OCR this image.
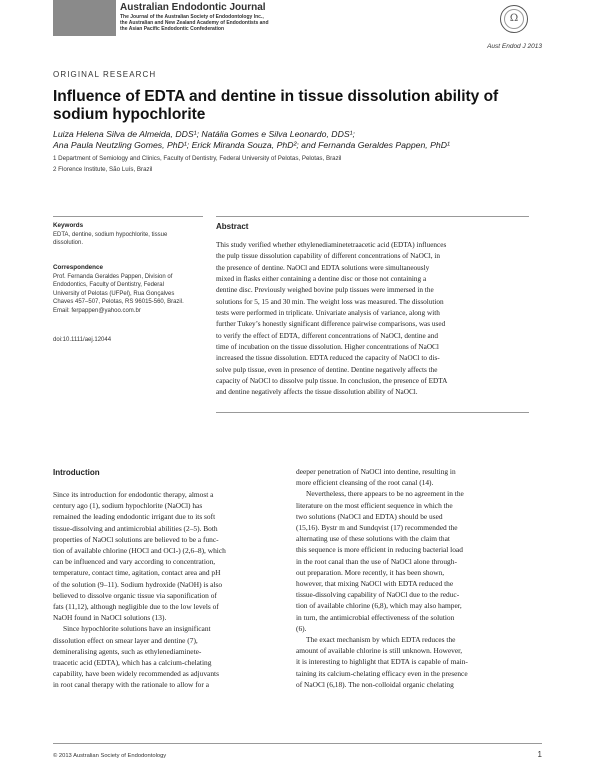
Australian Endodontic Journal
The Journal of the Australian Society of Endodontology Inc.,
the Australian and New Zealand Academy of Endodontists and
the Asian Pacific Endodontic Confederation
Ω
Aust Endod J 2013
ORIGINAL RESEARCH
Influence of EDTA and dentine in tissue dissolution ability of
sodium hypochlorite
Luiza Helena Silva de Almeida, DDS¹; Natália Gomes e Silva Leonardo, DDS¹;
Ana Paula Neutzling Gomes, PhD¹; Erick Miranda Souza, PhD²; and Fernanda Geraldes Pappen, PhD¹
1 Department of Semiology and Clinics, Faculty of Dentistry, Federal University of Pelotas, Pelotas, Brazil
2 Florence Institute, São Luís, Brazil
Keywords
EDTA, dentine, sodium hypochlorite, tissue
dissolution.
Correspondence
Prof. Fernanda Geraldes Pappen, Division of
Endodontics, Faculty of Dentistry, Federal
University of Pelotas (UFPel), Rua Gonçalves
Chaves 457–507, Pelotas, RS 96015-560, Brazil.
Email: ferpappen@yahoo.com.br
doi:10.1111/aej.12044
Abstract
This study verified whether ethylenediaminetetraacetic acid (EDTA) influences
the pulp tissue dissolution capability of different concentrations of NaOCl, in
the presence of dentine. NaOCl and EDTA solutions were simultaneously
mixed in flasks either containing a dentine disc or those not containing a
dentine disc. Previously weighed bovine pulp tissues were immersed in the
solutions for 5, 15 and 30 min. The weight loss was measured. The dissolution
tests were performed in triplicate. Univariate analysis of variance, along with
further Tukey’s honestly significant difference pairwise comparisons, was used
to verify the effect of EDTA, different concentrations of NaOCl, dentine and
time of incubation on the tissue dissolution. Higher concentrations of NaOCl
increased the tissue dissolution. EDTA reduced the capacity of NaOCl to dis-
solve pulp tissue, even in presence of dentine. Dentine negatively affects the
capacity of NaOCl to dissolve pulp tissue. In conclusion, the presence of EDTA
and dentine negatively affects the tissue dissolution ability of NaOCl.
Introduction
Since its introduction for endodontic therapy, almost a
century ago (1), sodium hypochlorite (NaOCl) has
remained the leading endodontic irrigant due to its soft
tissue-dissolving and antimicrobial abilities (2–5). Both
properties of NaOCl solutions are believed to be a func-
tion of available chlorine (HOCl and OCl-) (2,6–8), which
can be influenced and vary according to concentration,
temperature, contact time, agitation, contact area and pH
of the solution (9–11). Sodium hydroxide (NaOH) is also
believed to dissolve organic tissue via saponification of
fats (11,12), although negligible due to the low levels of
NaOH found in NaOCl solutions (13).
Since hypochlorite solutions have an insignificant
dissolution effect on smear layer and dentine (7),
demineralising agents, such as ethylenediaminete-
traacetic acid (EDTA), which has a calcium-chelating
capability, have been widely recommended as adjuvants
in root canal therapy with the rationale to allow for a
deeper penetration of NaOCl into dentine, resulting in
more efficient cleansing of the root canal (14).
Nevertheless, there appears to be no agreement in the
literature on the most efficient sequence in which the
two solutions (NaOCl and EDTA) should be used
(15,16). Bystr m and Sundqvist (17) recommended the
alternating use of these solutions with the claim that
this sequence is more efficient in reducing bacterial load
in the root canal than the use of NaOCl alone through-
out preparation. More recently, it has been shown,
however, that mixing NaOCl with EDTA reduced the
tissue-dissolving capability of NaOCl due to the reduc-
tion of available chlorine (6,8), which may also hamper,
in turn, the antimicrobial effectiveness of the solution
(6).
The exact mechanism by which EDTA reduces the
amount of available chlorine is still unknown. However,
it is interesting to highlight that EDTA is capable of main-
taining its calcium-chelating efficacy even in the presence
of NaOCl (6,18). The non-colloidal organic chelating
© 2013 Australian Society of Endodontology	1
